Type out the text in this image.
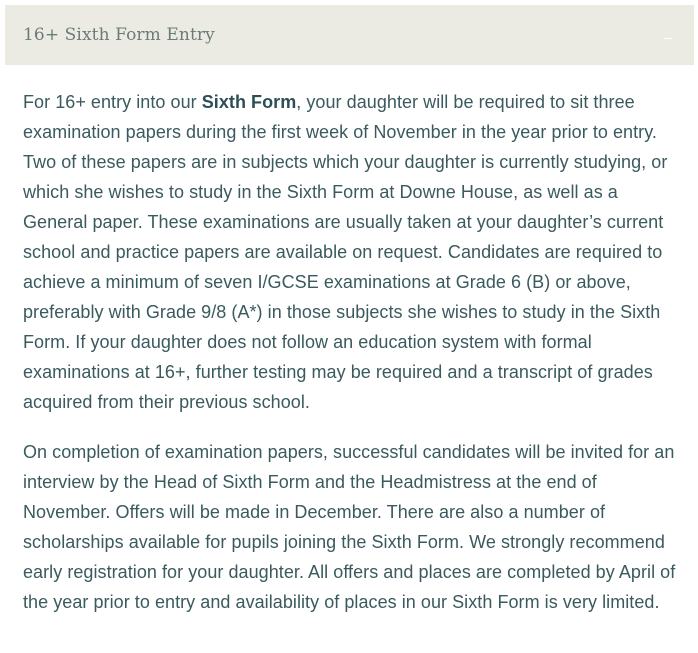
16+ Sixth Form Entry

For 16+ entry into our Sixth Form, your daughter will be required to sit three examination papers during the first week of November in the year prior to entry. Two of these papers are in subjects which your daughter is currently studying, or which she wishes to study in the Sixth Form at Downe House, as well as a General paper. These examinations are usually taken at your daughter’s current school and practice papers are available on request. Candidates are required to achieve a minimum of seven I/GCSE examinations at Grade 6 (B) or above, preferably with Grade 9/8 (A*) in those subjects she wishes to study in the Sixth Form. If your daughter does not follow an education system with formal examinations at 16+, further testing may be required and a transcript of grades acquired from their previous school.

On completion of examination papers, successful candidates will be invited for an interview by the Head of Sixth Form and the Headmistress at the end of November. Offers will be made in December. There are also a number of scholarships available for pupils joining the Sixth Form. We strongly recommend early registration for your daughter. All offers and places are completed by April of the year prior to entry and availability of places in our Sixth Form is very limited.
